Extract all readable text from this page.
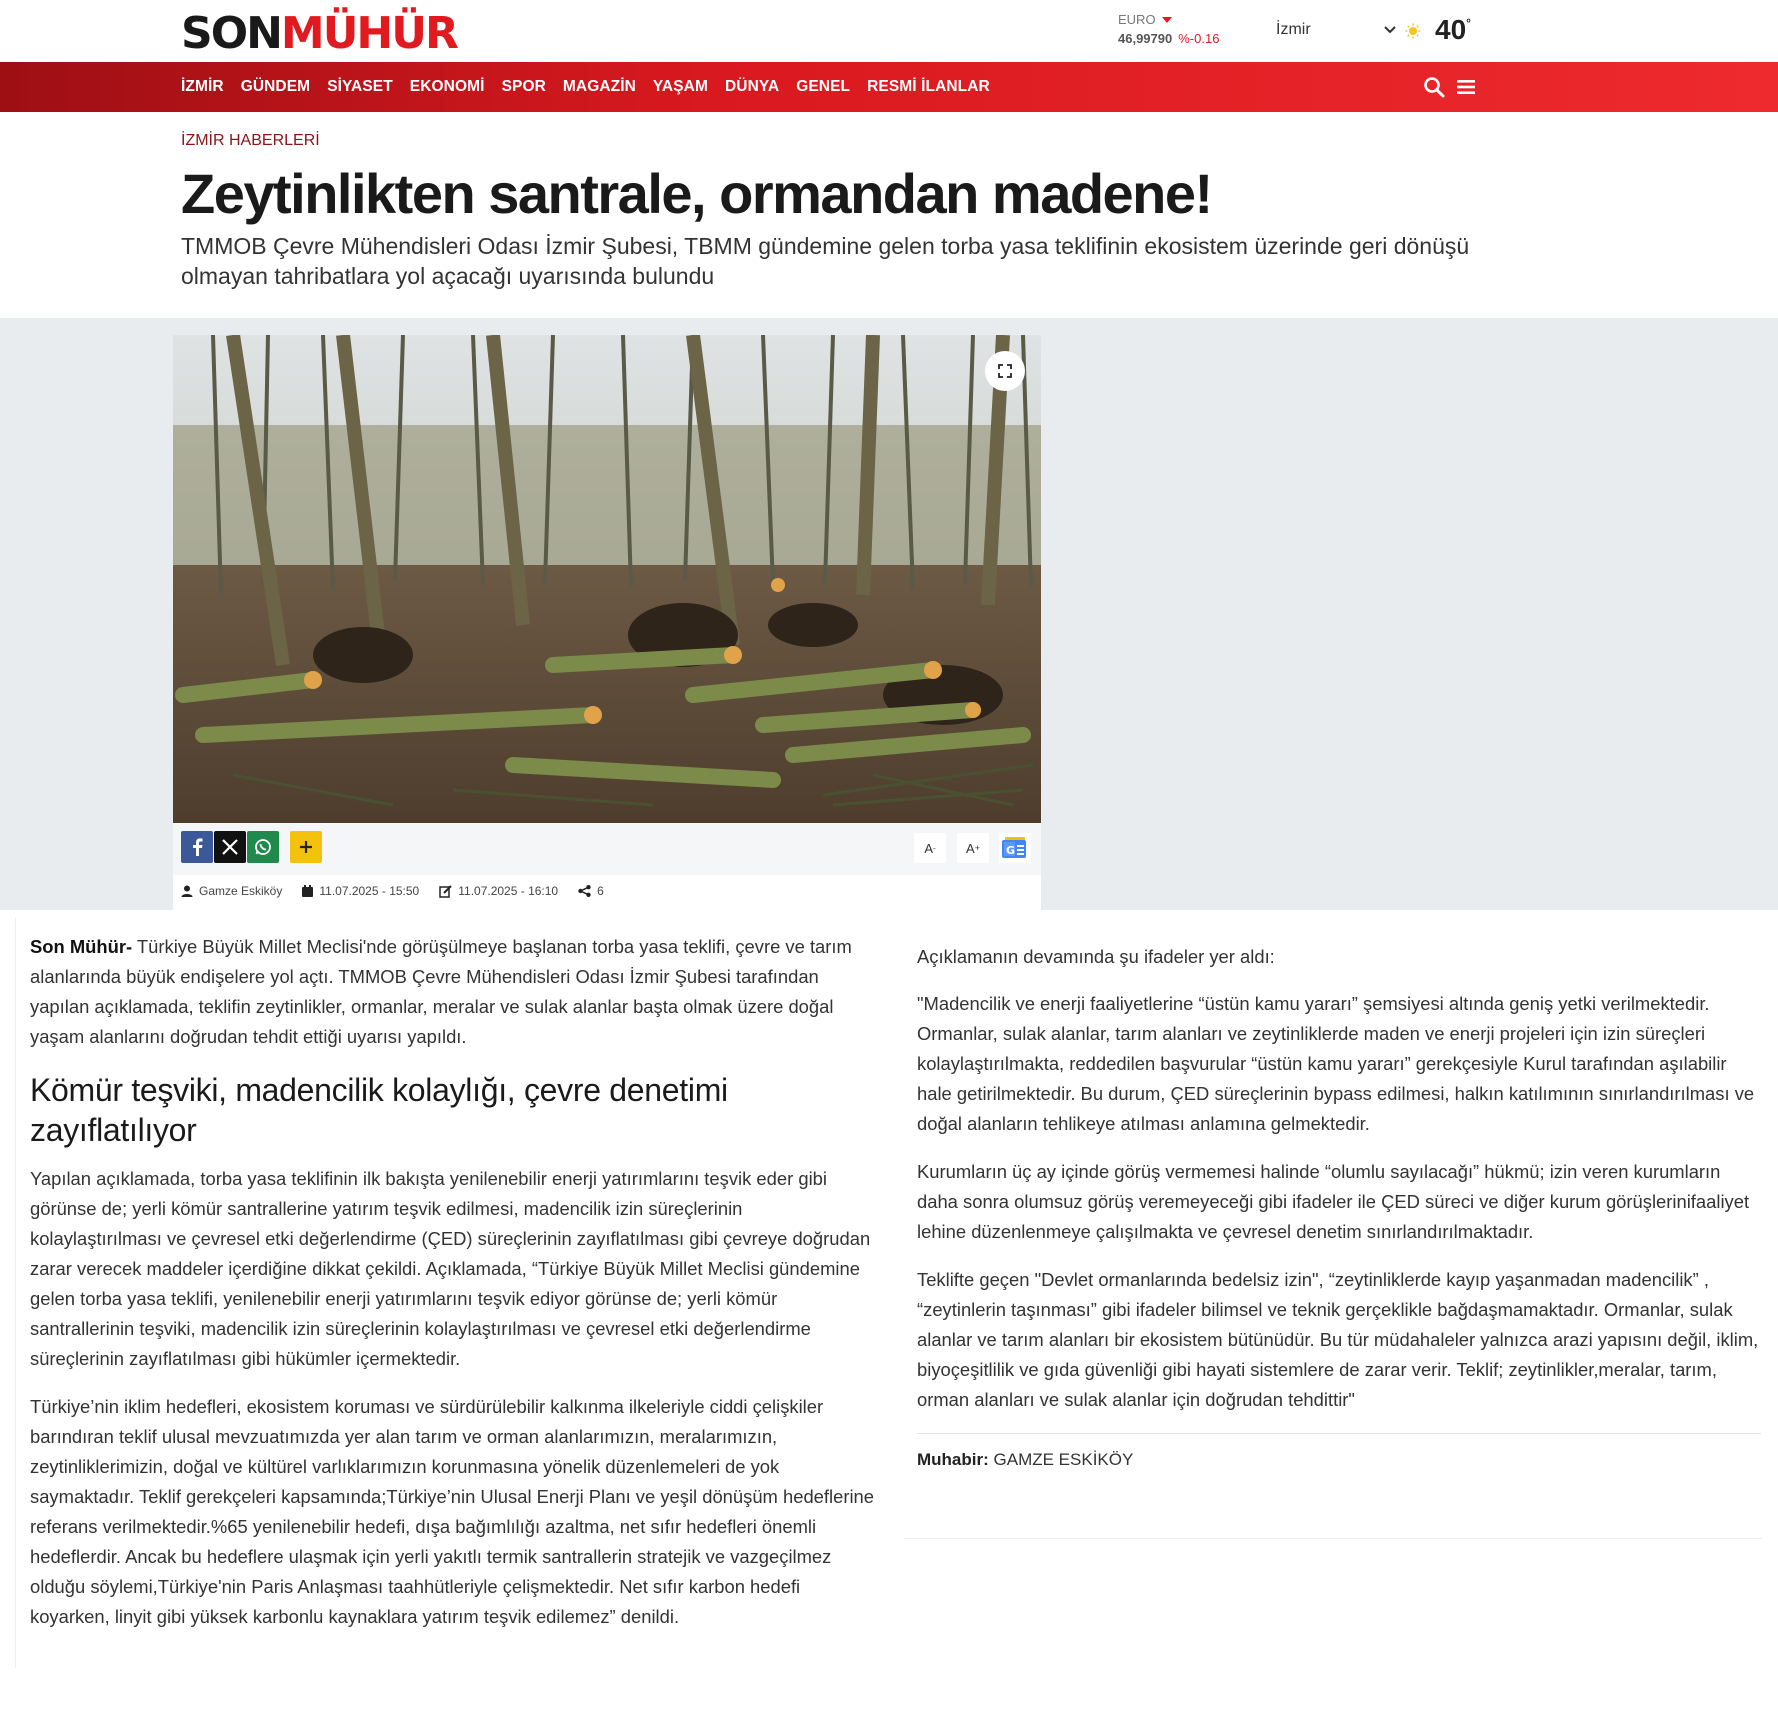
SONMÜHÜR	EURO
46,99790 %-0.16
İzmir	40°
İZMİR GÜNDEM SİYASET EKONOMİ SPOR MAGAZİN YAŞAM DÜNYA GENEL RESMİ İLANLAR
İZMİR HABERLERİ
Zeytinlikten santrale, ormandan madene!

TMMOB Çevre Mühendisleri Odası İzmir Şubesi, TBMM gündemine gelen torba yasa teklifinin ekosistem üzerinde geri dönüşü olmayan tahribatlara yol açacağı uyarısında bulundu

A - A + G
Gamze Eskiköy	11.07.2025 - 15:50	11.07.2025 - 16:10	6

Son Mühür- Türkiye Büyük Millet Meclisi'nde görüşülmeye başlanan torba yasa teklifi, çevre ve tarım alanlarında büyük endişelere yol açtı. TMMOB Çevre Mühendisleri Odası İzmir Şubesi tarafından yapılan açıklamada, teklifin zeytinlikler, ormanlar, meralar ve sulak alanlar başta olmak üzere doğal yaşam alanlarını doğrudan tehdit ettiği uyarısı yapıldı.

Kömür teşviki, madencilik kolaylığı, çevre denetimi zayıflatılıyor

Yapılan açıklamada, torba yasa teklifinin ilk bakışta yenilenebilir enerji yatırımlarını teşvik eder gibi görünse de; yerli kömür santrallerine yatırım teşvik edilmesi, madencilik izin süreçlerinin kolaylaştırılması ve çevresel etki değerlendirme (ÇED) süreçlerinin zayıflatılması gibi çevreye doğrudan zarar verecek maddeler içerdiğine dikkat çekildi. Açıklamada, “Türkiye Büyük Millet Meclisi gündemine gelen torba yasa teklifi, yenilenebilir enerji yatırımlarını teşvik ediyor görünse de; yerli kömür santrallerinin teşviki, madencilik izin süreçlerinin kolaylaştırılması ve çevresel etki değerlendirme süreçlerinin zayıflatılması gibi hükümler içermektedir.

Türkiye’nin iklim hedefleri, ekosistem koruması ve sürdürülebilir kalkınma ilkeleriyle ciddi çelişkiler barındıran teklif ulusal mevzuatımızda yer alan tarım ve orman alanlarımızın, meralarımızın, zeytinliklerimizin, doğal ve kültürel varlıklarımızın korunmasına yönelik düzenlemeleri de yok saymaktadır. Teklif gerekçeleri kapsamında;Türkiye’nin Ulusal Enerji Planı ve yeşil dönüşüm hedeflerine referans verilmektedir.%65 yenilenebilir hedefi, dışa bağımlılığı azaltma, net sıfır hedefleri önemli hedeflerdir. Ancak bu hedeflere ulaşmak için yerli yakıtlı termik santrallerin stratejik ve vazgeçilmez olduğu söylemi,Türkiye'nin Paris Anlaşması taahhütleriyle çelişmektedir. Net sıfır karbon hedefi koyarken, linyit gibi yüksek karbonlu kaynaklara yatırım teşvik edilemez” denildi.

Açıklamanın devamında şu ifadeler yer aldı:

"Madencilik ve enerji faaliyetlerine “üstün kamu yararı” şemsiyesi altında geniş yetki verilmektedir. Ormanlar, sulak alanlar, tarım alanları ve zeytinliklerde maden ve enerji projeleri için izin süreçleri kolaylaştırılmakta, reddedilen başvurular “üstün kamu yararı” gerekçesiyle Kurul tarafından aşılabilir hale getirilmektedir. Bu durum, ÇED süreçlerinin bypass edilmesi, halkın katılımının sınırlandırılması ve doğal alanların tehlikeye atılması anlamına gelmektedir.

Kurumların üç ay içinde görüş vermemesi halinde “olumlu sayılacağı” hükmü; izin veren kurumların daha sonra olumsuz görüş veremeyeceği gibi ifadeler ile ÇED süreci ve diğer kurum görüşlerinifaaliyet lehine düzenlenmeye çalışılmakta ve çevresel denetim sınırlandırılmaktadır.

Teklifte geçen "Devlet ormanlarında bedelsiz izin", “zeytinliklerde kayıp yaşanmadan madencilik” , “zeytinlerin taşınması” gibi ifadeler bilimsel ve teknik gerçeklikle bağdaşmamaktadır. Ormanlar, sulak alanlar ve tarım alanları bir ekosistem bütünüdür. Bu tür müdahaleler yalnızca arazi yapısını değil, iklim, biyoçeşitlilik ve gıda güvenliği gibi hayati sistemlere de zarar verir. Teklif; zeytinlikler,meralar, tarım, orman alanları ve sulak alanlar için doğrudan tehdittir"

Muhabir: GAMZE ESKİKÖY
